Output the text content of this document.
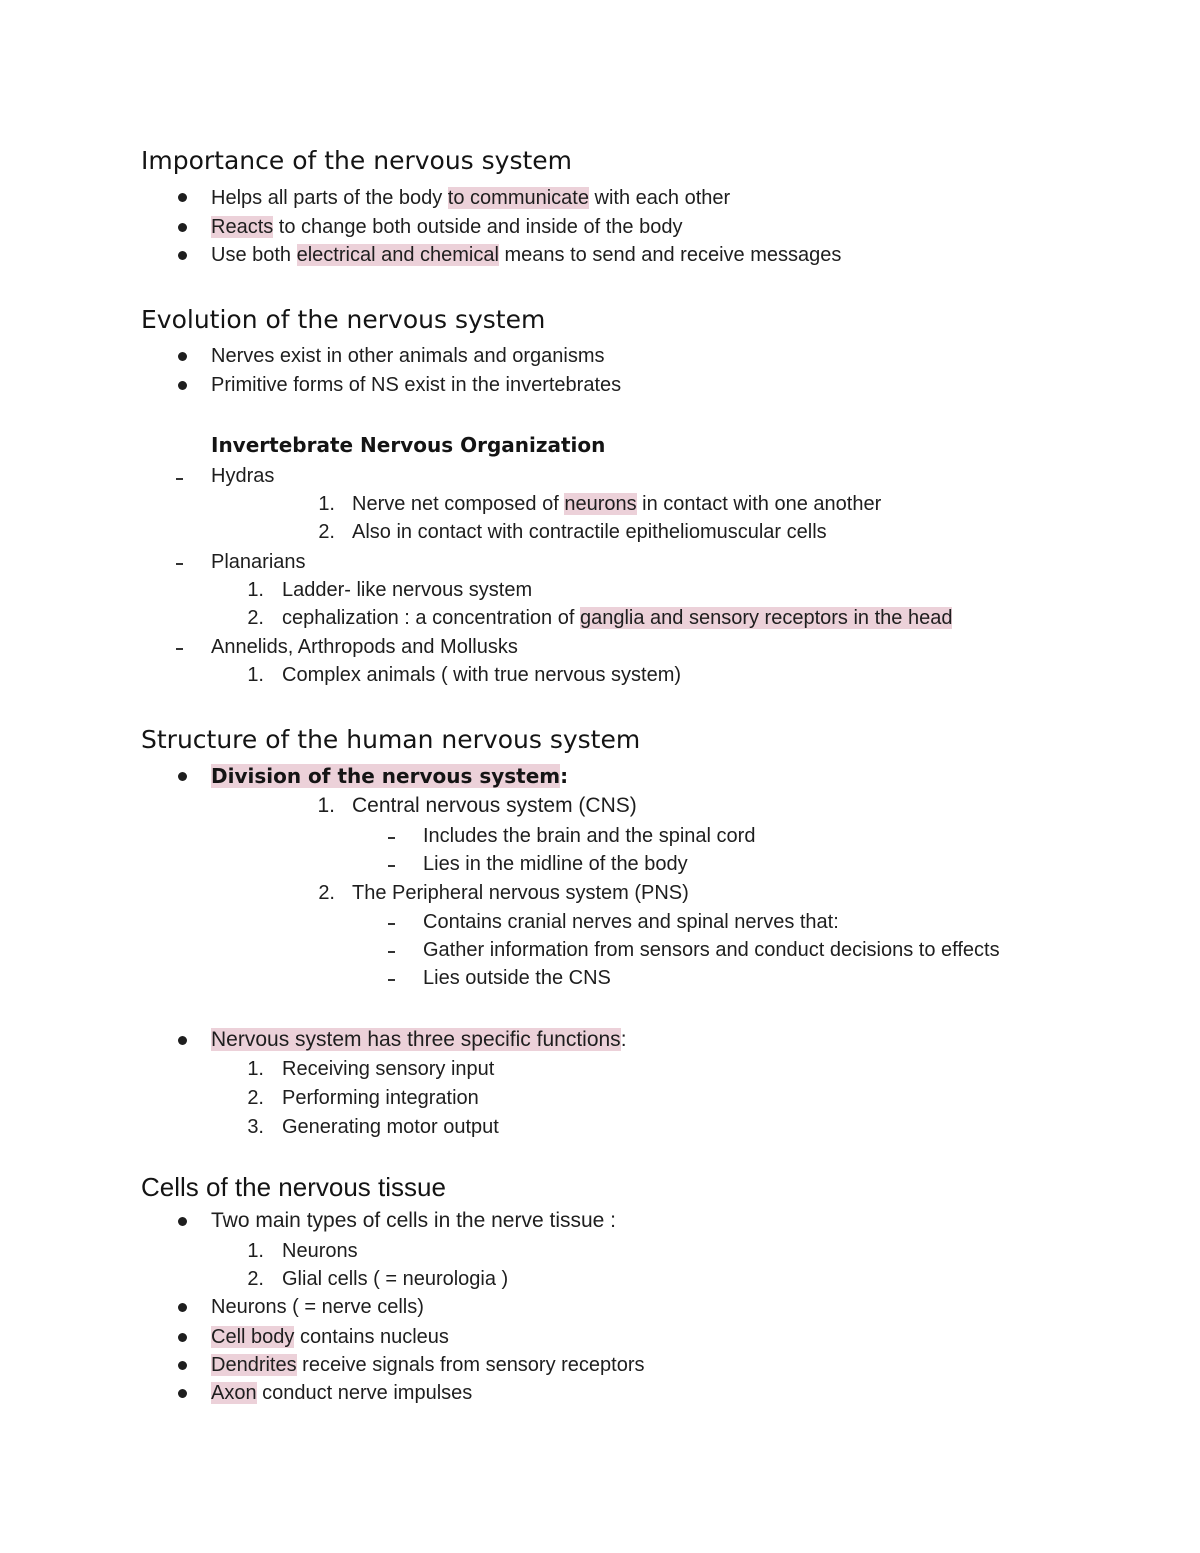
Importance of the nervous system
Helps all parts of the body to communicate with each other
Reacts to change both outside and inside of the body
Use both electrical and chemical means to send and receive messages
Evolution of the nervous system
Nerves exist in other animals and organisms
Primitive forms of NS exist in the invertebrates
Invertebrate Nervous Organization
Hydras
1. Nerve net composed of neurons in contact with one another
2. Also in contact with contractile epitheliomuscular cells
Planarians
1. Ladder- like nervous system
2. cephalization : a concentration of ganglia and sensory receptors in the head
Annelids, Arthropods and Mollusks
1. Complex animals ( with true nervous system)
Structure of the human nervous system
Division of the nervous system:
1. Central nervous system (CNS)
Includes the brain and the spinal cord
Lies in the midline of the body
2. The Peripheral nervous system (PNS)
Contains cranial nerves and spinal nerves that:
Gather information from sensors and conduct decisions to effects
Lies outside the CNS
Nervous system has three specific functions:
1. Receiving sensory input
2. Performing integration
3. Generating motor output
Cells of the nervous tissue
Two main types of cells in the nerve tissue :
1. Neurons
2. Glial cells ( = neurologia )
Neurons ( = nerve cells)
Cell body contains nucleus
Dendrites receive signals from sensory receptors
Axon conduct nerve impulses
